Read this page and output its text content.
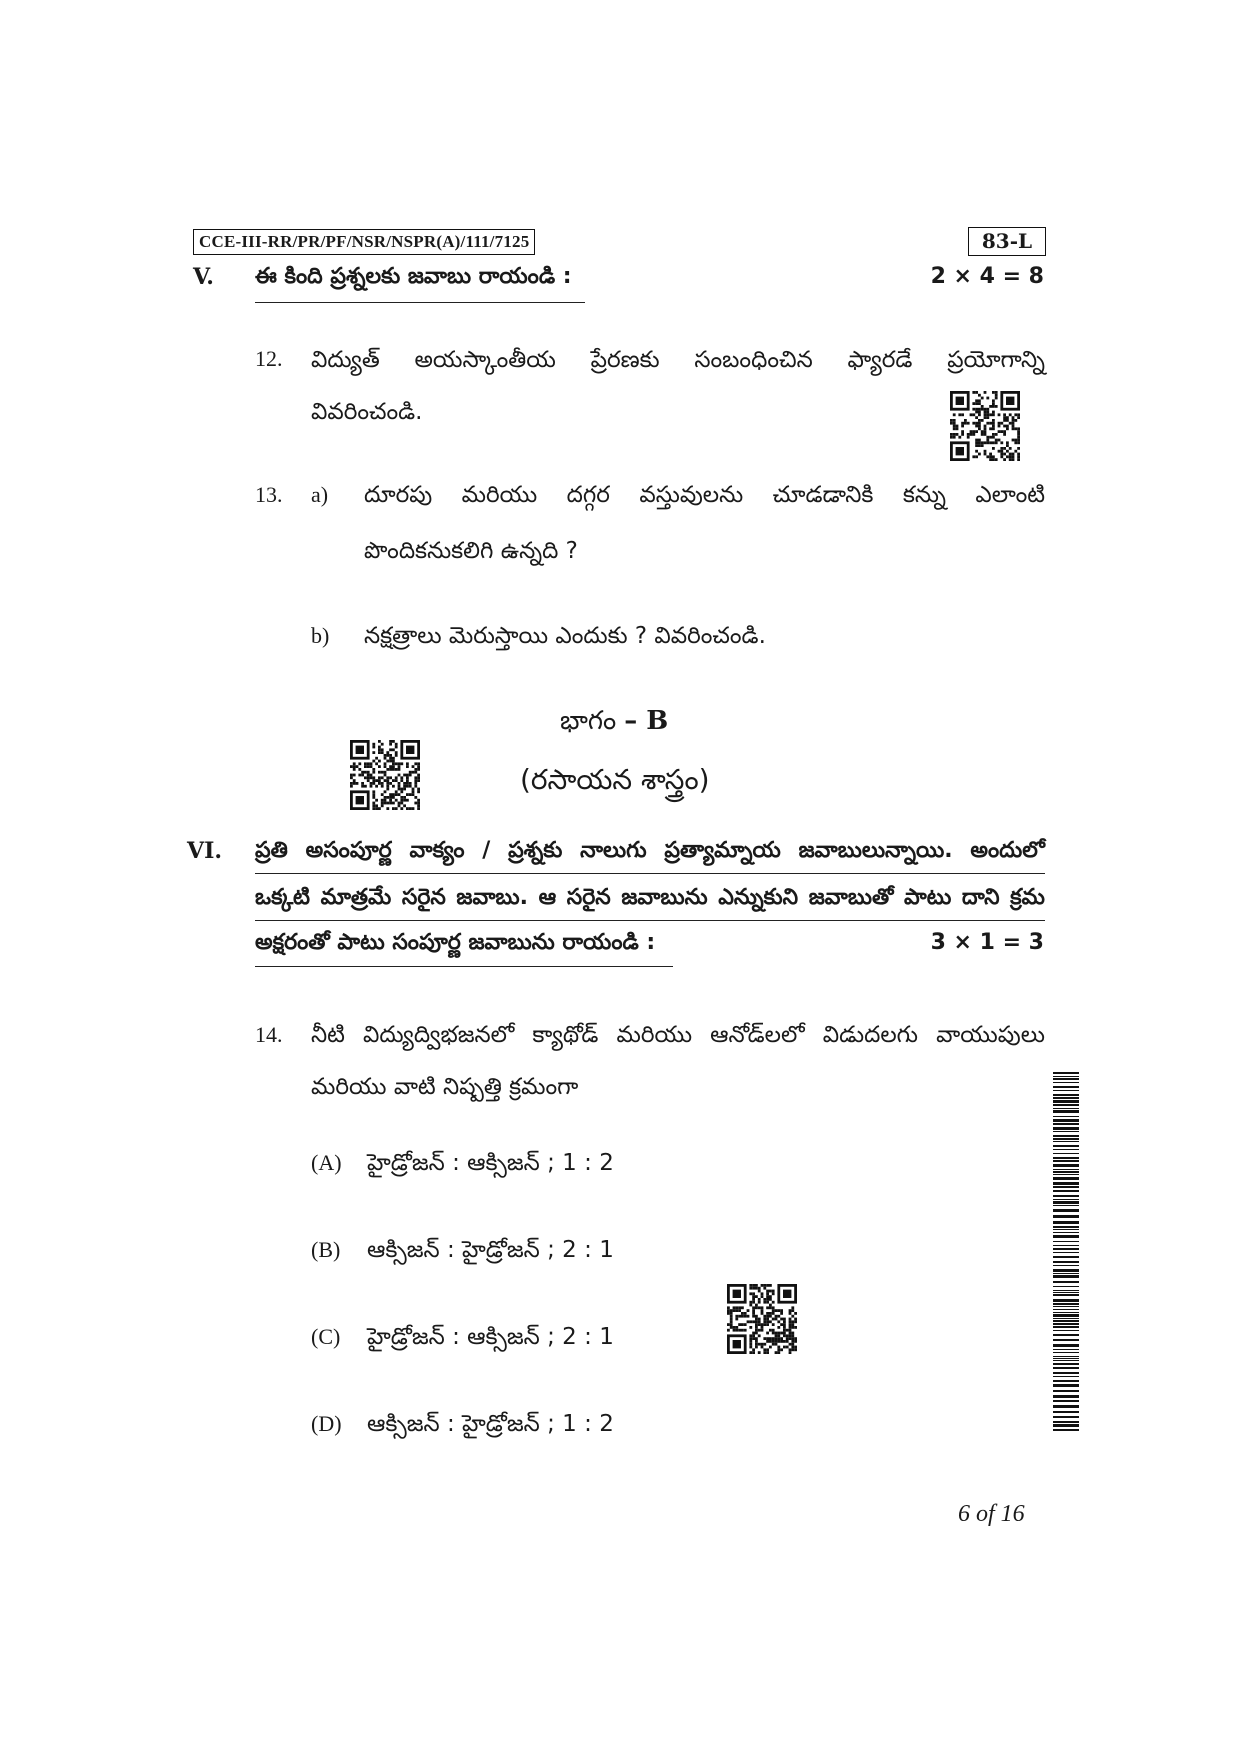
CCE-III-RR/PR/PF/NSR/NSPR(A)/111/7125	83-L
V. ఈ కింది ప్రశ్నలకు జవాబు రాయండి :	2 × 4 = 8
12. విద్యుత్ అయస్కాంతీయ ప్రేరణకు సంబంధించిన ఫ్యారడే ప్రయోగాన్ని
వివరించండి.
13. a) దూరపు మరియు దగ్గర వస్తువులను చూడడానికి కన్ను ఎలాంటి
పొందికనుకలిగి ఉన్నది ?
b) నక్షత్రాలు మెరుస్తాయి ఎందుకు ? వివరించండి.
భాగం – B
(రసాయన శాస్త్రం)
VI. ప్రతి అసంపూర్ణ వాక్యం / ప్రశ్నకు నాలుగు ప్రత్యామ్నాయ జవాబులున్నాయి. అందులో
ఒక్కటి మాత్రమే సరైన జవాబు. ఆ సరైన జవాబును ఎన్నుకుని జవాబుతో పాటు దాని క్రమ
అక్షరంతో పాటు సంపూర్ణ జవాబును రాయండి :	3 × 1 = 3
14. నీటి విద్యుద్విభజనలో క్యాథోడ్ మరియు ఆనోడ్‌లలో విడుదలగు వాయుపులు
మరియు వాటి నిష్పత్తి క్రమంగా
(A) హైడ్రోజన్ : ఆక్సిజన్ ; 1 : 2
(B) ఆక్సిజన్ : హైడ్రోజన్ ; 2 : 1
(C) హైడ్రోజన్ : ఆక్సిజన్ ; 2 : 1
(D) ఆక్సిజన్ : హైడ్రోజన్ ; 1 : 2
6 of 16
